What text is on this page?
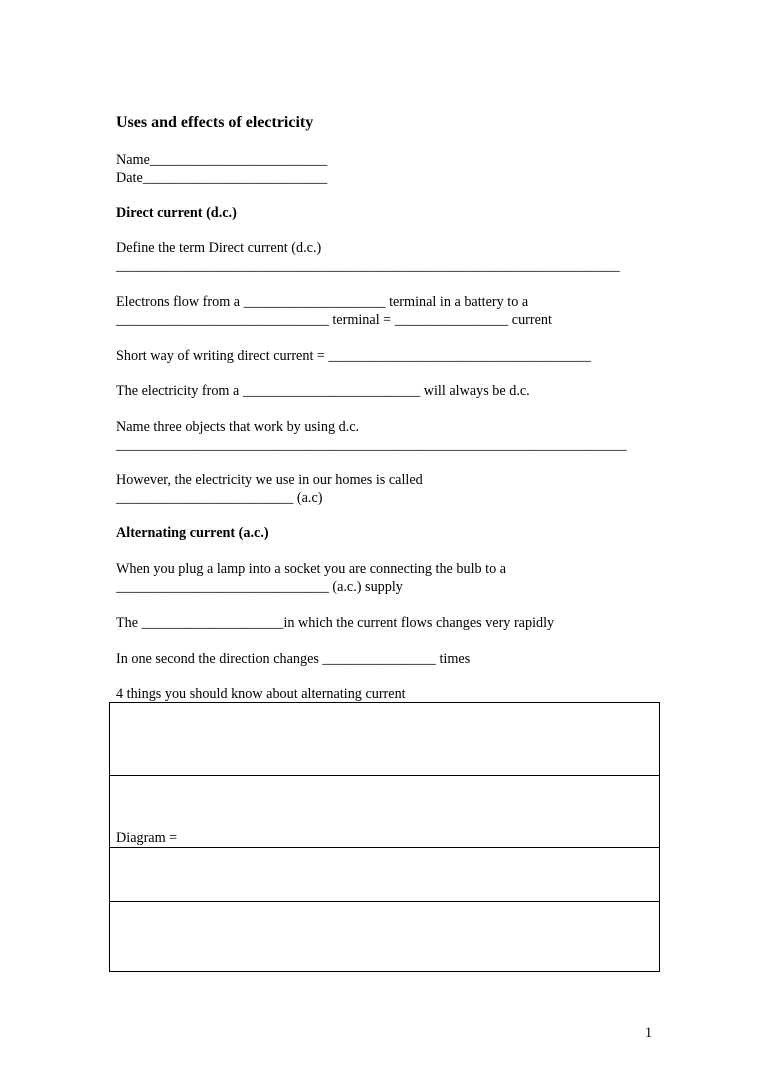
Uses and effects of electricity
Name_________________________
Date__________________________
Direct current (d.c.)
Define the term Direct current (d.c.)
_______________________________________________________________________
Electrons flow from a ____________________ terminal in a battery to a
______________________________ terminal = ________________ current
Short way of writing direct current = _____________________________________
The electricity from a _________________________ will always be d.c.
Name three objects that work by using d.c.
________________________________________________________________________
However, the electricity we use in our homes is called
_________________________ (a.c)
Alternating current (a.c.)
When you plug a lamp into a socket you are connecting the bulb to a
______________________________ (a.c.) supply
The ____________________in which the current flows changes very rapidly
In one second the direction changes ________________ times
4 things you should know about alternating current
Diagram =
1
